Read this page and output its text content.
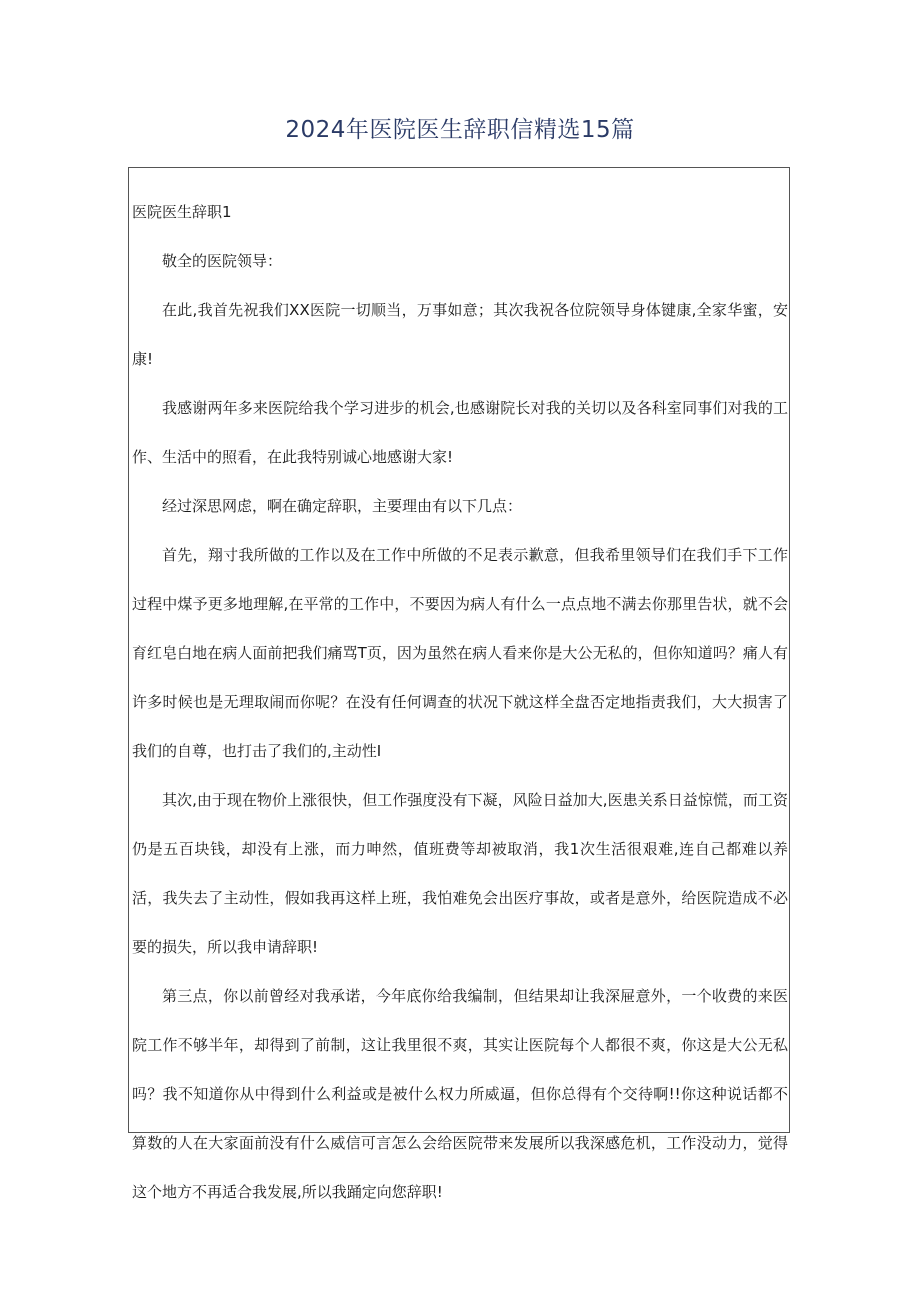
2024年医院医生辞职信精选15篇

医院医生辞职1

敬全的医院领导：

在此,我首先祝我们XX医院一切顺当，万事如意；其次我祝各位院领导身体键康,全家华蜜，安康!

我感谢两年多来医院给我个学习进步的机会,也感谢院长对我的关切以及各科室同事们对我的工作、生活中的照看，在此我特别诚心地感谢大家!

经过深思网虑，啊在确定辞职，主要理由有以下几点：

首先，翔寸我所做的工作以及在工作中所做的不足表示歉意，但我希里领导们在我们手下工作过程中煤予更多地理解,在平常的工作中，不要因为病人有什么一点点地不满去你那里告状，就不会育红皂白地在病人面前把我们痛骂T页，因为虽然在病人看来你是大公无私的，但你知道吗？痛人有许多时候也是无理取闹而你呢？在没有任何调查的状况下就这样全盘否定地指责我们，大大损害了我们的自尊，也打击了我们的,主动性I

其次,由于现在物价上涨很快，但工作强度没有下凝，风险日益加大,医患关系日益惊慌，而工资仍是五百块钱，却没有上涨，而力呻然，值班费等却被取消，我1次生活很艰难,连自己都难以养活，我失去了主动性，假如我再这样上班，我怕难免会出医疗事故，或者是意外，给医院造成不必要的损失，所以我申请辞职!

第三点，你以前曾经对我承诺，今年底你给我编制，但结果却让我深屉意外，一个收费的来医院工作不够半年，却得到了前制，这让我里很不爽，其实让医院每个人都很不爽，你这是大公无私吗？我不知道你从中得到什么利益或是被什么权力所威逼，但你总得有个交待啊!!你这种说话都不算数的人在大家面前没有什么威信可言怎么会给医院带来发展所以我深感危机，工作没动力，觉得这个地方不再适合我发展,所以我踊定向您辞职!
